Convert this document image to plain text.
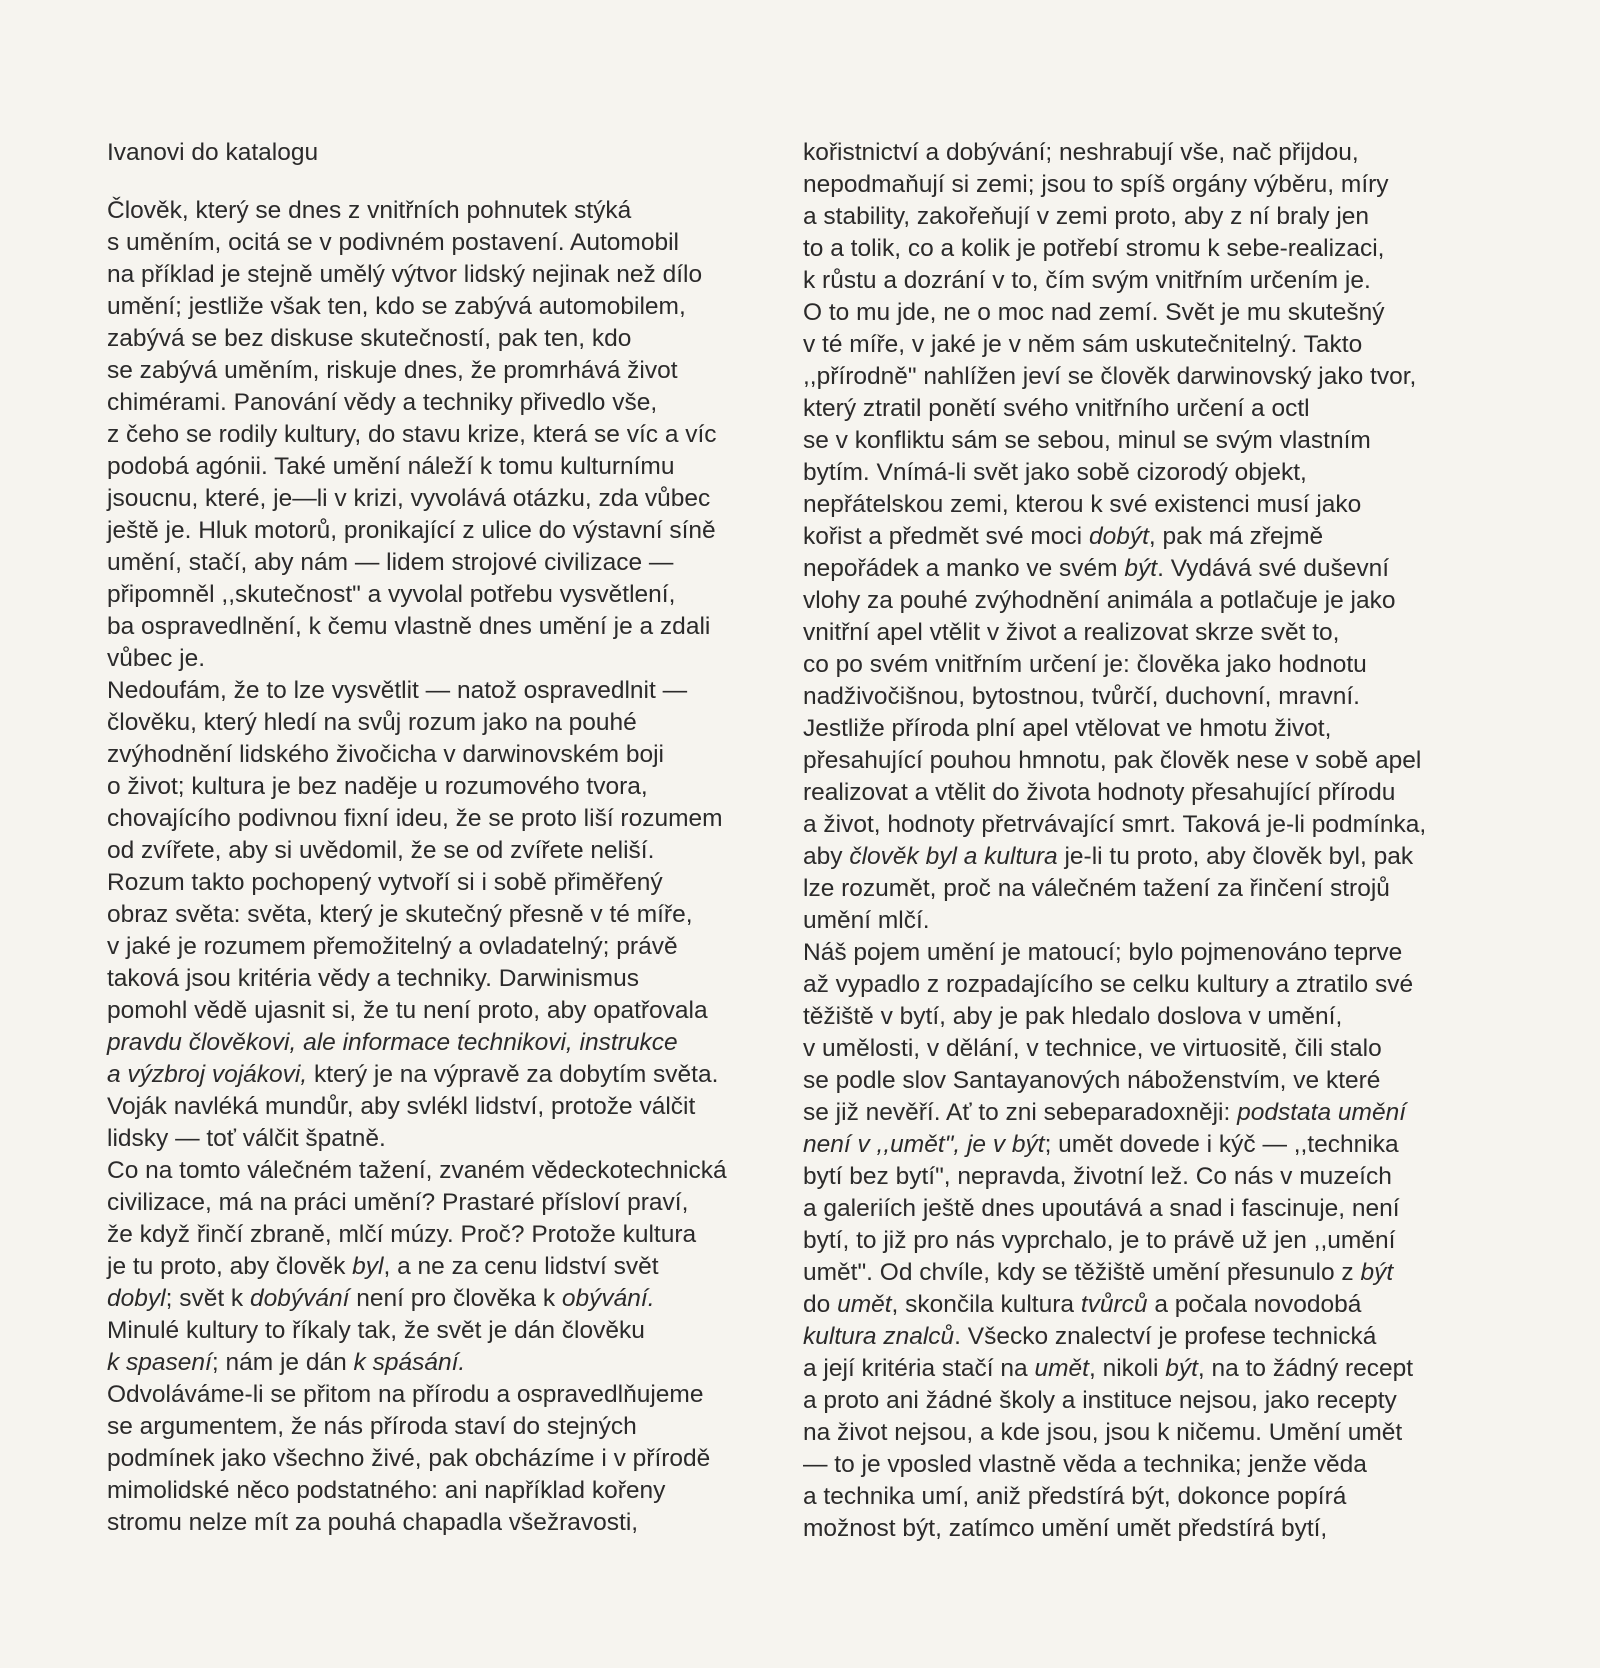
Ivanovi do katalogu
Člověk, který se dnes z vnitřních pohnutek stýká
s uměním, ocitá se v podivném postavení. Automobil
na příklad je stejně umělý výtvor lidský nejinak než dílo
umění; jestliže však ten, kdo se zabývá automobilem,
zabývá se bez diskuse skutečností, pak ten, kdo
se zabývá uměním, riskuje dnes, že promrhává život
chimérami. Panování vědy a techniky přivedlo vše,
z čeho se rodily kultury, do stavu krize, která se víc a víc
podobá agónii. Také umění náleží k tomu kulturnímu
jsoucnu, které, je—li v krizi, vyvolává otázku, zda vůbec
ještě je. Hluk motorů, pronikající z ulice do výstavní síně
umění, stačí, aby nám — lidem strojové civilizace —
připomněl ,,skutečnost" a vyvolal potřebu vysvětlení,
ba ospravedlnění, k čemu vlastně dnes umění je a zdali
vůbec je.
Nedoufám, že to lze vysvětlit — natož ospravedlnit —
člověku, který hledí na svůj rozum jako na pouhé
zvýhodnění lidského živočicha v darwinovském boji
o život; kultura je bez naděje u rozumového tvora,
chovajícího podivnou fixní ideu, že se proto liší rozumem
od zvířete, aby si uvědomil, že se od zvířete neliší.
Rozum takto pochopený vytvoří si i sobě přiměřený
obraz světa: světa, který je skutečný přesně v té míře,
v jaké je rozumem přemožitelný a ovladatelný; právě
taková jsou kritéria vědy a techniky. Darwinismus
pomohl vědě ujasnit si, že tu není proto, aby opatřovala
pravdu člověkovi, ale informace technikovi, instrukce
a výzbroj vojákovi, který je na výpravě za dobytím světa.
Voják navléká mundůr, aby svlékl lidství, protože válčit
lidsky — toť válčit špatně.
Co na tomto válečném tažení, zvaném vědeckotechnická
civilizace, má na práci umění? Prastaré přísloví praví,
že když řinčí zbraně, mlčí múzy. Proč? Protože kultura
je tu proto, aby člověk byl, a ne za cenu lidství svět
dobyl; svět k dobývání není pro člověka k obývání.
Minulé kultury to říkaly tak, že svět je dán člověku
k spasení; nám je dán k spásání.
Odvoláváme-li se přitom na přírodu a ospravedlňujeme
se argumentem, že nás příroda staví do stejných
podmínek jako všechno živé, pak obcházíme i v přírodě
mimolidské něco podstatného: ani například kořeny
stromu nelze mít za pouhá chapadla všežravosti,
kořistnictví a dobývání; neshrabují vše, nač přijdou,
nepodmaňují si zemi; jsou to spíš orgány výběru, míry
a stability, zakořeňují v zemi proto, aby z ní braly jen
to a tolik, co a kolik je potřebí stromu k sebe-realizaci,
k růstu a dozrání v to, čím svým vnitřním určením je.
O to mu jde, ne o moc nad zemí. Svět je mu skutešný
v té míře, v jaké je v něm sám uskutečnitelný. Takto
,,přírodně" nahlížen jeví se člověk darwinovský jako tvor,
který ztratil ponětí svého vnitřního určení a octl
se v konfliktu sám se sebou, minul se svým vlastním
bytím. Vnímá-li svět jako sobě cizorodý objekt,
nepřátelskou zemi, kterou k své existenci musí jako
kořist a předmět své moci dobýt, pak má zřejmě
nepořádek a manko ve svém být. Vydává své duševní
vlohy za pouhé zvýhodnění animála a potlačuje je jako
vnitřní apel vtělit v život a realizovat skrze svět to,
co po svém vnitřním určení je: člověka jako hodnotu
nadživočišnou, bytostnou, tvůrčí, duchovní, mravní.
Jestliže příroda plní apel vtělovat ve hmotu život,
přesahující pouhou hmnotu, pak člověk nese v sobě apel
realizovat a vtělit do života hodnoty přesahující přírodu
a život, hodnoty přetrvávající smrt. Taková je-li podmínka,
aby člověk byl a kultura je-li tu proto, aby člověk byl, pak
lze rozumět, proč na válečném tažení za řinčení strojů
umění mlčí.
Náš pojem umění je matoucí; bylo pojmenováno teprve
až vypadlo z rozpadajícího se celku kultury a ztratilo své
těžiště v bytí, aby je pak hledalo doslova v umění,
v umělosti, v dělání, v technice, ve virtuositě, čili stalo
se podle slov Santayanových náboženstvím, ve které
se již nevěří. Ať to zni sebeparadoxněji: podstata umění
není v ,,umět", je v být; umět dovede i kýč — ,,technika
bytí bez bytí", nepravda, životní lež. Co nás v muzeích
a galeriích ještě dnes upoutává a snad i fascinuje, není
bytí, to již pro nás vyprchalo, je to právě už jen ,,umění
umět". Od chvíle, kdy se těžiště umění přesunulo z být
do umět, skončila kultura tvůrců a počala novodobá
kultura znalců. Všecko znalectví je profese technická
a její kritéria stačí na umět, nikoli být, na to žádný recept
a proto ani žádné školy a instituce nejsou, jako recepty
na život nejsou, a kde jsou, jsou k ničemu. Umění umět
— to je vposled vlastně věda a technika; jenže věda
a technika umí, aniž předstírá být, dokonce popírá
možnost být, zatímco umění umět předstírá bytí,
